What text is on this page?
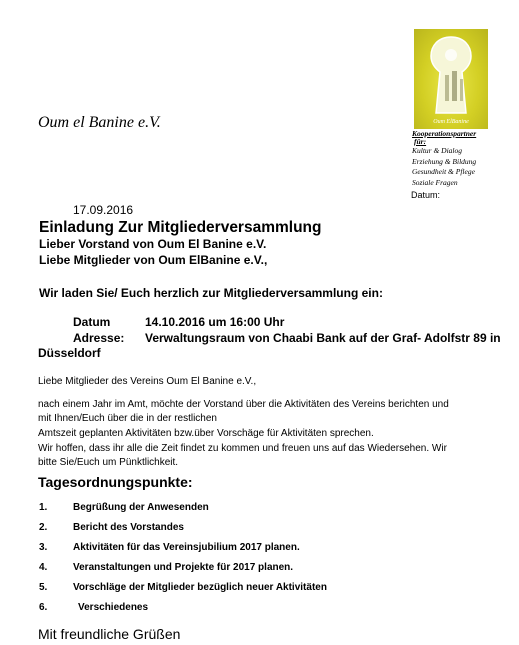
Oum ElBanine
Oum el Banine e.V.
Kooperationspartner
für:
Kultur & Dialog
Erziehung & Bildung
Gesundheit & Pflege
Soziale Fragen
Datum:
17.09.2016
Einladung Zur Mitgliederversammlung
Lieber Vorstand von Oum El Banine e.V.
Liebe Mitglieder von Oum ElBanine e.V.,
Wir laden Sie/ Euch herzlich zur Mitgliederversammlung ein:
Datum	14.10.2016 um 16:00 Uhr
Adresse: Verwaltungsraum von Chaabi Bank auf der Graf- Adolfstr 89 in
Düsseldorf
Liebe Mitglieder des Vereins Oum El Banine e.V.,
nach einem Jahr im Amt, möchte der Vorstand über die Aktivitäten des Vereins berichten und
mit Ihnen/Euch über die in der restlichen
Amtszeit geplanten Aktivitäten bzw.über Vorschäge für Aktivitäten sprechen.
Wir hoffen, dass ihr alle die Zeit findet zu kommen und freuen uns auf das Wiedersehen. Wir
bitte Sie/Euch um Pünktlichkeit.
Tagesordnungspunkte:
1.	Begrüßung der Anwesenden
2.	Bericht des Vorstandes
3.	Aktivitäten für das Vereinsjubilium 2017 planen.
4.	Veranstaltungen und Projekte für 2017 planen.
5.	Vorschläge der Mitglieder bezüglich neuer Aktivitäten
6.	Verschiedenes
Mit freundliche Grüßen
